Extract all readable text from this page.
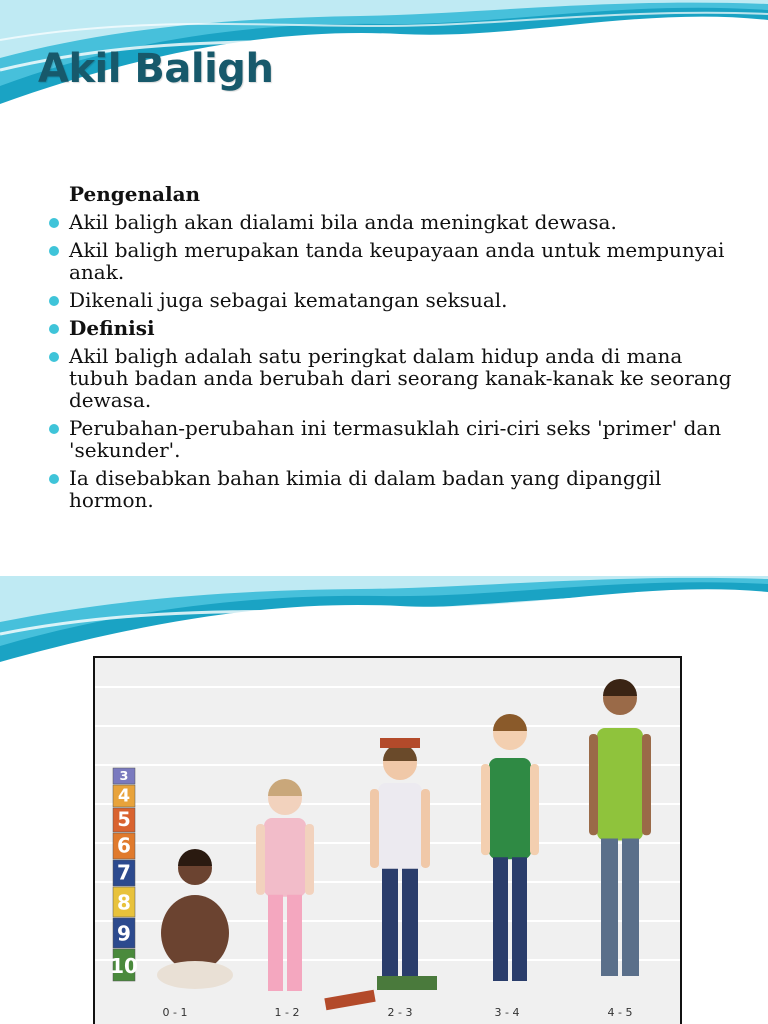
Akil Baligh
Pengenalan
Akil baligh akan dialami bila anda meningkat dewasa.
Akil baligh merupakan tanda keupayaan anda untuk mempunyai anak.
Dikenali juga sebagai kematangan seksual.
Definisi
Akil baligh adalah satu peringkat dalam hidup anda di mana tubuh badan anda berubah dari seorang kanak-kanak ke seorang dewasa.
Perubahan-perubahan ini termasuklah ciri-ciri seks 'primer' dan 'sekunder'.
Ia disebabkan bahan kimia di dalam badan yang dipanggil hormon.
3
4
5
6
7
8
9
10
0 - 1	1 - 2	2 - 3	3 - 4	4 - 5
